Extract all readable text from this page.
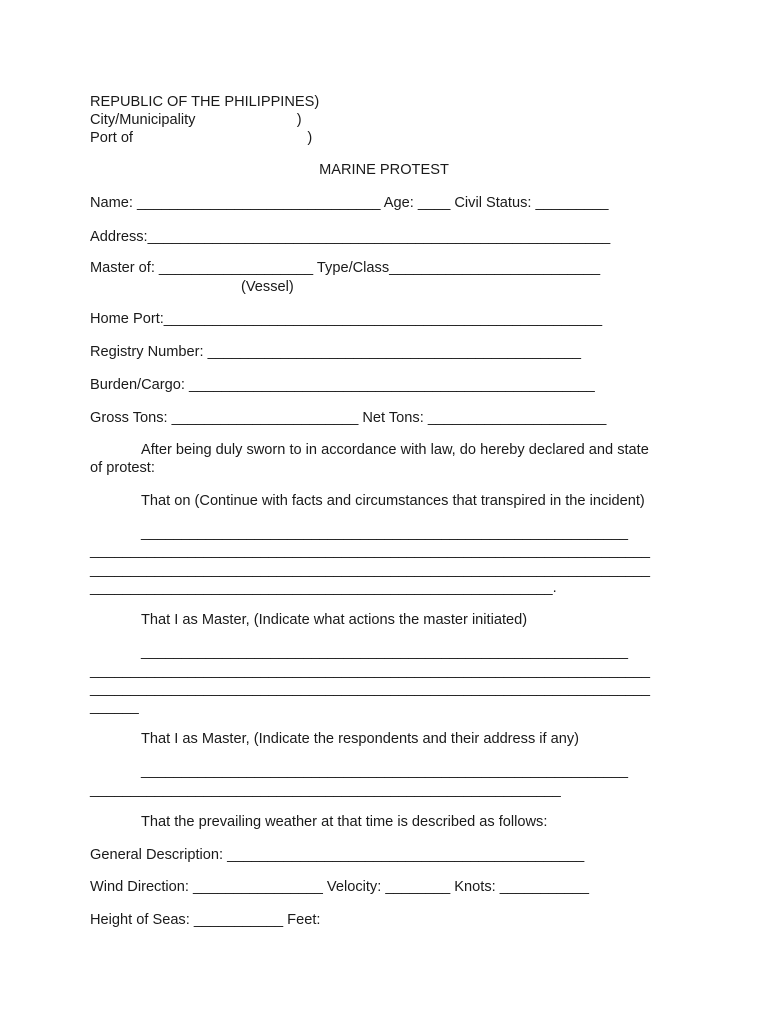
REPUBLIC OF THE PHILIPPINES)
City/Municipality                         )
Port of                                           )
MARINE PROTEST
Name: ______________________________ Age: ____ Civil Status: _________
Address:_________________________________________________________
Master of: ___________________ Type/Class__________________________
(Vessel)
Home Port:______________________________________________________
Registry Number: ______________________________________________
Burden/Cargo: __________________________________________________
Gross Tons: _______________________ Net Tons: ______________________
After being duly sworn to in accordance with law, do hereby declared and state
of protest:
That on (Continue with facts and circumstances that transpired in the incident)
____________________________________________________________
_____________________________________________________________________
_____________________________________________________________________
_________________________________________________________.
That I as Master, (Indicate what actions the master initiated)
____________________________________________________________
_____________________________________________________________________
_____________________________________________________________________
______
That I as Master, (Indicate the respondents and their address if any)
____________________________________________________________
__________________________________________________________
That the prevailing weather at that time is described as follows:
General Description: ____________________________________________
Wind Direction: ________________ Velocity: ________ Knots: ___________
Height of Seas: ___________ Feet:
